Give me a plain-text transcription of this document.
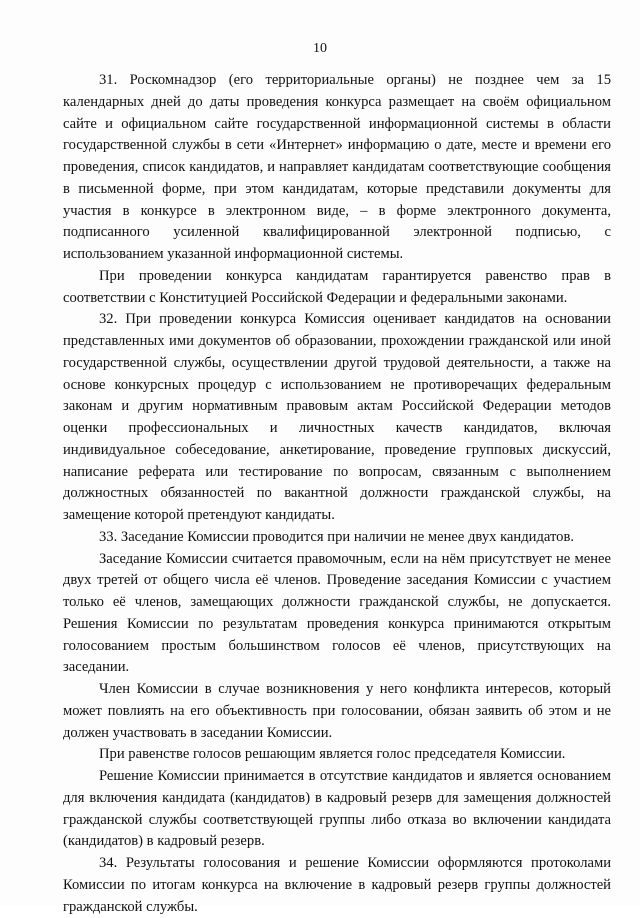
10

31. Роскомнадзор (его территориальные органы) не позднее чем за 15 календарных дней до даты проведения конкурса размещает на своём официальном сайте и официальном сайте государственной информационной системы в области государственной службы в сети «Интернет» информацию о дате, месте и времени его проведения, список кандидатов, и направляет кандидатам соответствующие сообщения в письменной форме, при этом кандидатам, которые представили документы для участия в конкурсе в электронном виде, – в форме электронного документа, подписанного усиленной квалифицированной электронной подписью, с использованием указанной информационной системы.

При проведении конкурса кандидатам гарантируется равенство прав в соответствии с Конституцией Российской Федерации и федеральными законами.

32. При проведении конкурса Комиссия оценивает кандидатов на основании представленных ими документов об образовании, прохождении гражданской или иной государственной службы, осуществлении другой трудовой деятельности, а также на основе конкурсных процедур с использованием не противоречащих федеральным законам и другим нормативным правовым актам Российской Федерации методов оценки профессиональных и личностных качеств кандидатов, включая индивидуальное собеседование, анкетирование, проведение групповых дискуссий, написание реферата или тестирование по вопросам, связанным с выполнением должностных обязанностей по вакантной должности гражданской службы, на замещение которой претендуют кандидаты.

33. Заседание Комиссии проводится при наличии не менее двух кандидатов.

Заседание Комиссии считается правомочным, если на нём присутствует не менее двух третей от общего числа её членов. Проведение заседания Комиссии с участием только её членов, замещающих должности гражданской службы, не допускается. Решения Комиссии по результатам проведения конкурса принимаются открытым голосованием простым большинством голосов её членов, присутствующих на заседании.

Член Комиссии в случае возникновения у него конфликта интересов, который может повлиять на его объективность при голосовании, обязан заявить об этом и не должен участвовать в заседании Комиссии.

При равенстве голосов решающим является голос председателя Комиссии.

Решение Комиссии принимается в отсутствие кандидатов и является основанием для включения кандидата (кандидатов) в кадровый резерв для замещения должностей гражданской службы соответствующей группы либо отказа во включении кандидата (кандидатов) в кадровый резерв.

34. Результаты голосования и решение Комиссии оформляются протоколами Комиссии по итогам конкурса на включение в кадровый резерв группы должностей гражданской службы.
